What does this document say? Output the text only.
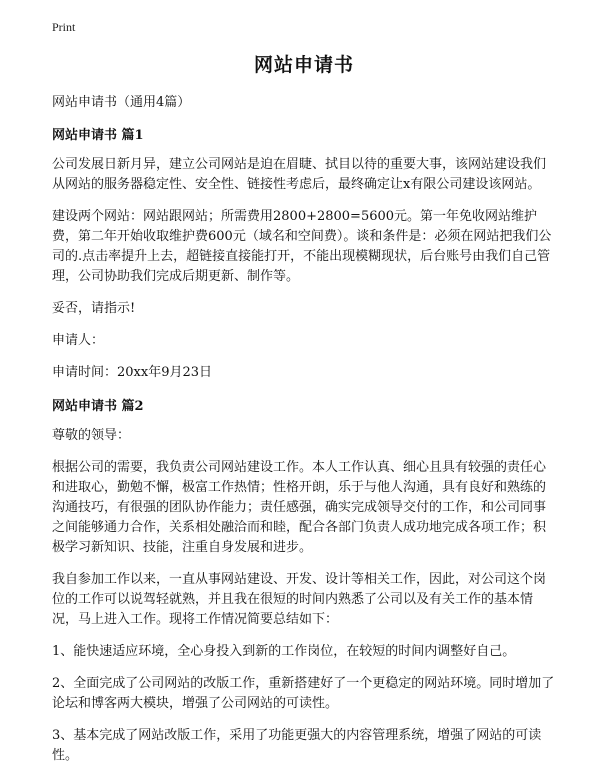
Print
网站申请书
网站申请书（通用4篇）
网站申请书 篇1

公司发展日新月异，建立公司网站是迫在眉睫、拭目以待的重要大事，该网站建设我们从网站的服务器稳定性、安全性、链接性考虑后，最终确定让x有限公司建设该网站。

建设两个网站：网站跟网站；所需费用2800+2800=5600元。第一年免收网站维护费，第二年开始收取维护费600元（域名和空间费）。谈和条件是：必须在网站把我们公司的.点击率提升上去，超链接直接能打开，不能出现模糊现状，后台账号由我们自己管理，公司协助我们完成后期更新、制作等。

妥否，请指示!

申请人：

申请时间：20xx年9月23日

网站申请书 篇2

尊敬的领导：

根据公司的需要，我负责公司网站建设工作。本人工作认真、细心且具有较强的责任心和进取心，勤勉不懈，极富工作热情；性格开朗，乐于与他人沟通，具有良好和熟练的沟通技巧，有很强的团队协作能力；责任感强，确实完成领导交付的工作，和公司同事之间能够通力合作，关系相处融洽而和睦，配合各部门负责人成功地完成各项工作；积极学习新知识、技能，注重自身发展和进步。

我自参加工作以来，一直从事网站建设、开发、设计等相关工作，因此，对公司这个岗位的工作可以说驾轻就熟，并且我在很短的时间内熟悉了公司以及有关工作的基本情况，马上进入工作。现将工作情况简要总结如下：

1、能快速适应环境，全心身投入到新的工作岗位，在较短的时间内调整好自己。

2、全面完成了公司网站的改版工作，重新搭建好了一个更稳定的网站环境。同时增加了论坛和博客两大模块，增强了公司网站的可读性。

3、基本完成了网站改版工作，采用了功能更强大的内容管理系统，增强了网站的可读性。
